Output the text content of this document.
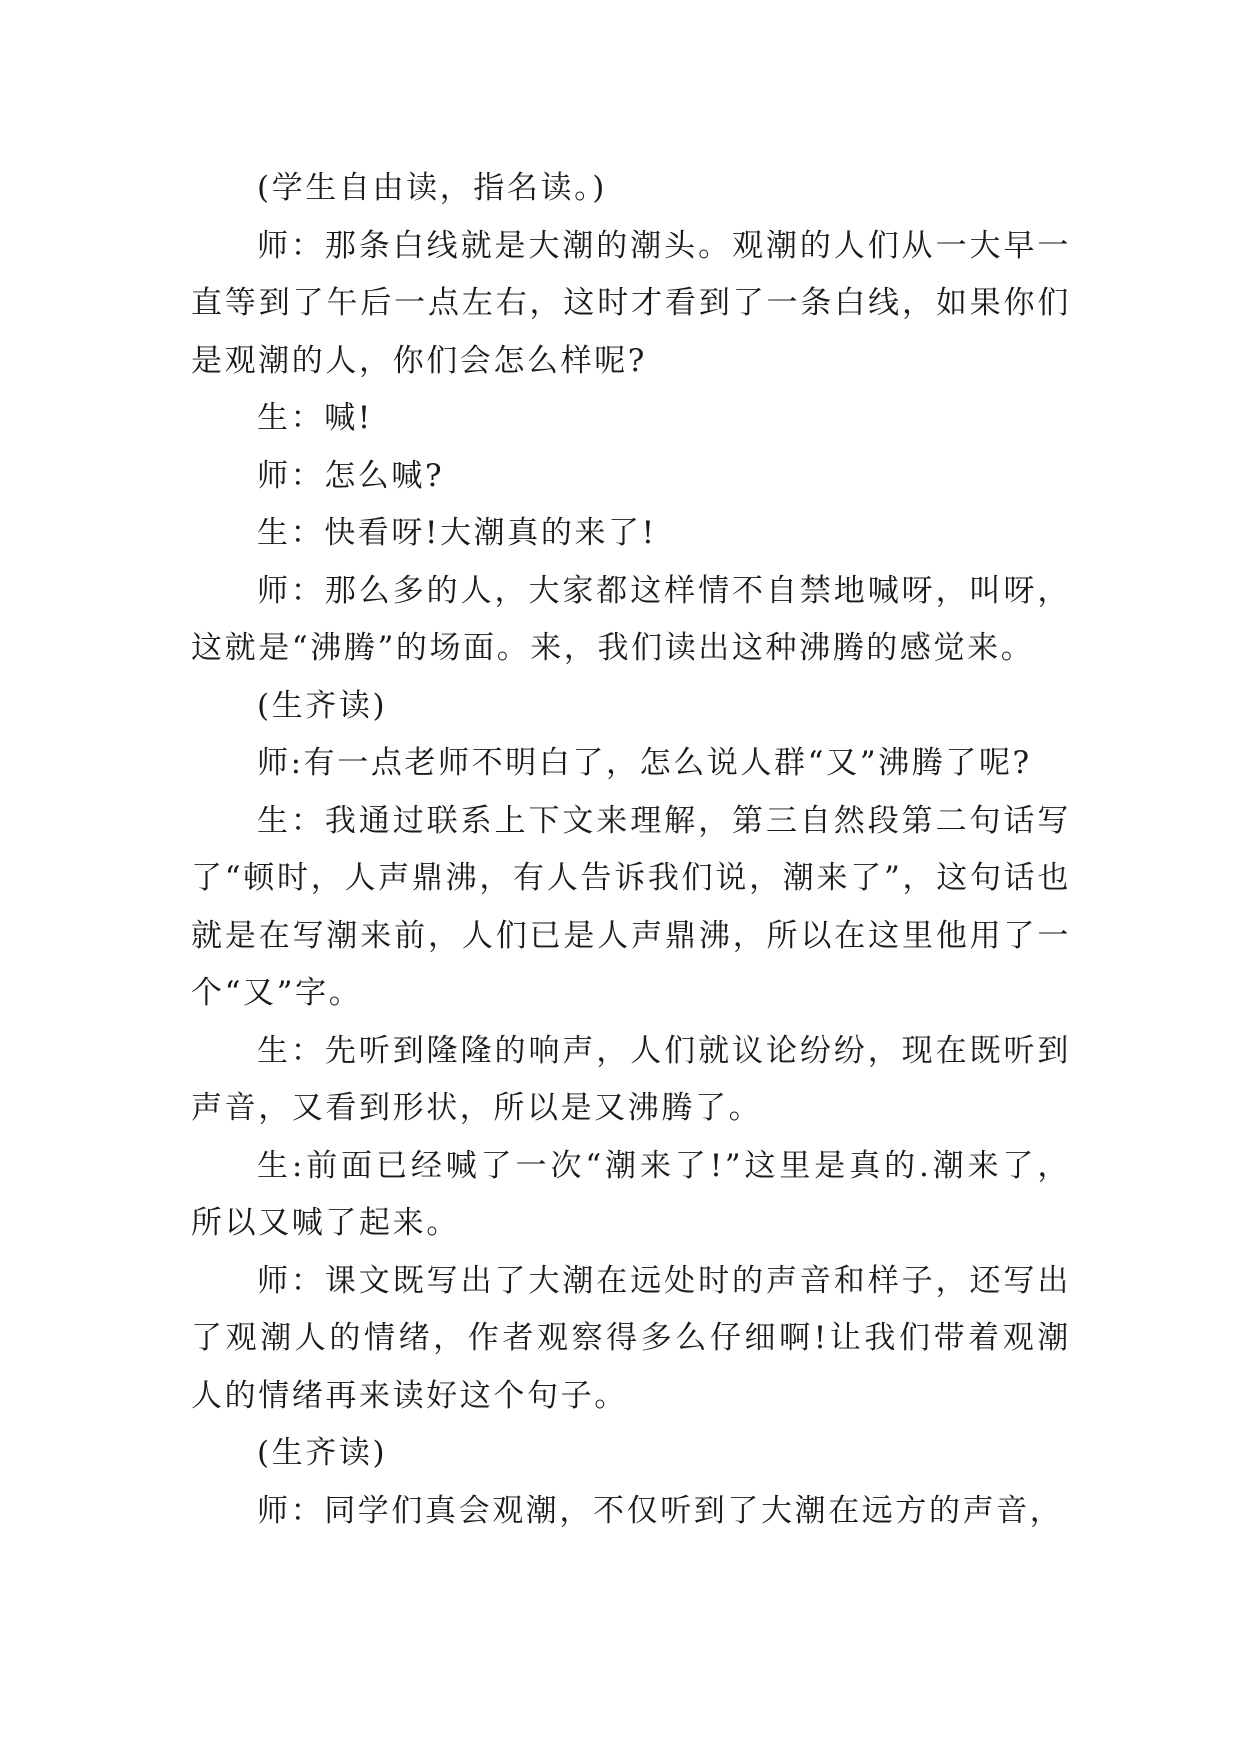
(学生自由读，指名读。)

师：那条白线就是大潮的潮头。观潮的人们从一大早一直等到了午后一点左右，这时才看到了一条白线，如果你们是观潮的人，你们会怎么样呢?

生：喊!

师：怎么喊?

生：快看呀!大潮真的来了!

师：那么多的人，大家都这样情不自禁地喊呀，叫呀，这就是“沸腾”的场面。来，我们读出这种沸腾的感觉来。

(生齐读)

师:有一点老师不明白了，怎么说人群“又”沸腾了呢?

生：我通过联系上下文来理解，第三自然段第二句话写了“顿时，人声鼎沸，有人告诉我们说，潮来了”，这句话也就是在写潮来前，人们已是人声鼎沸，所以在这里他用了一个“又”字。

生：先听到隆隆的响声，人们就议论纷纷，现在既听到声音，又看到形状，所以是又沸腾了。

生:前面已经喊了一次“潮来了!”这里是真的.潮来了，所以又喊了起来。

师：课文既写出了大潮在远处时的声音和样子，还写出了观潮人的情绪，作者观察得多么仔细啊!让我们带着观潮人的情绪再来读好这个句子。

(生齐读)

师：同学们真会观潮，不仅听到了大潮在远方的声音，
